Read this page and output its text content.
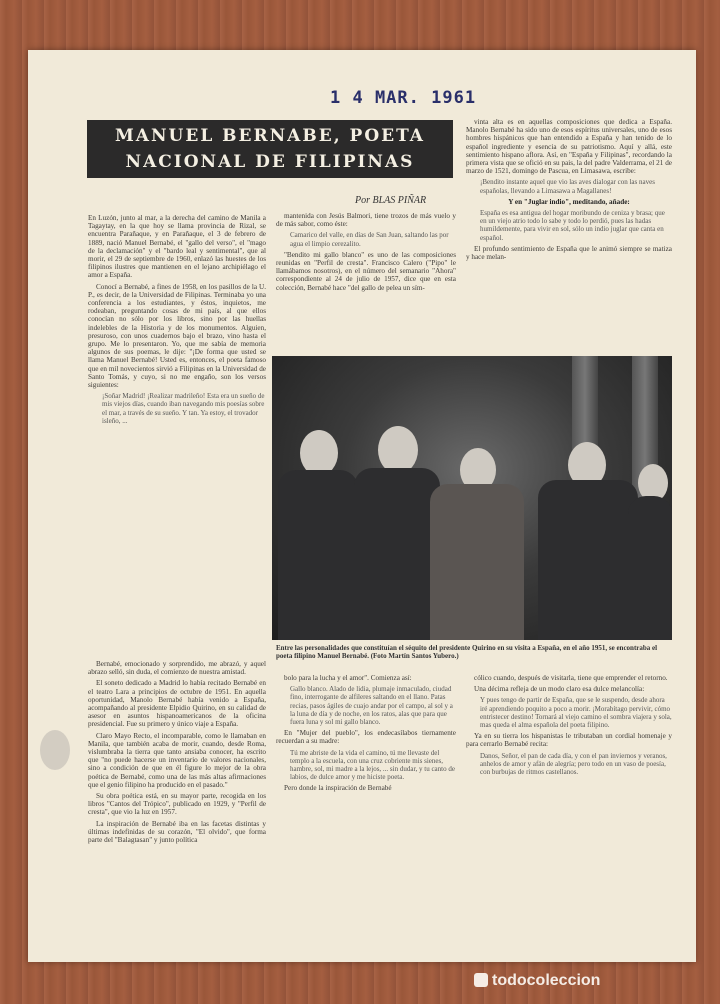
1 4 MAR. 1961
MANUEL BERNABE, POETA
NACIONAL DE FILIPINAS
Por BLAS PIÑAR

En Luzón, junto al mar, a la derecha del camino de Manila a Tagaytay, en la que hoy se llama provincia de Rizal, se encuentra Parañaque, y en Parañaque, el 3 de febrero de 1889, nació Manuel Bernabé, el "gallo del verso", el "mago de la declamación" y el "bardo leal y sentimental", que al morir, el 29 de septiembre de 1960, enlazó las huestes de los filipinos ilustres que mantienen en el lejano archipiélago el amor a España.

Conocí a Bernabé, a fines de 1958, en los pasillos de la U. P., es decir, de la Universidad de Filipinas. Terminaba yo una conferencia a los estudiantes, y éstos, inquietos, me rodeaban, preguntando cosas de mi país, al que ellos conocían no sólo por los libros, sino por las huellas indelebles de la Historia y de los monumentos. Alguien, presuroso, con unos cuadernos bajo el brazo, vino hasta el grupo. Me lo presentaron. Yo, que me sabía de memoria algunos de sus poemas, le dije: "¡De forma que usted se llama Manuel Bernabé! Usted es, entonces, el poeta famoso que en mil novecientos sirvió a Filipinas en la Universidad de Santo Tomás, y cuyo, si no me engaño, son los versos siguientes:

¡Soñar Madrid! ¡Realizar madrileño! Esta era un sueño de mis viejos días, cuando iban navegando mis poesías sobre el mar, a través de su sueño. Y tan. Ya estoy, el trovador isleño, ...

Bernabé, emocionado y sorprendido, me abrazó, y aquel abrazo selló, sin duda, el comienzo de nuestra amistad.

El soneto dedicado a Madrid lo había recitado Bernabé en el teatro Lara a principios de octubre de 1951. En aquella oportunidad, Manolo Bernabé había venido a España, acompañando al presidente Elpidio Quirino, en su calidad de asesor en asuntos hispanoamericanos de la oficina presidencial. Fue su primero y único viaje a España.

Claro Mayo Recto, el incomparable, como le llamaban en Manila, que también acaba de morir, cuando, desde Roma, vislumbraba la tierra que tanto ansiaba conocer, ha escrito que "no puede hacerse un inventario de valores nacionales, sino a condición de que en él figure lo mejor de la obra poética de Bernabé, como una de las más altas afirmaciones que el genio filipino ha producido en el pasado."

Su obra poética está, en su mayor parte, recogida en los libros "Cantos del Trópico", publicado en 1929, y "Perfil de cresta", que vio la luz en 1957.

La inspiración de Bernabé iba en las facetas distintas y últimas indefinidas de su corazón, "El olvido", que forma parte del "Balagtasan" y junto política

mantenida con Jesús Balmori, tiene trozos de más vuelo y de más sabor, como éste:

Camarico del valle, en días de San Juan, saltando las por agua el limpio cerezalito.

"Bendito mi gallo blanco" es uno de las composiciones reunidas en "Perfil de cresta". Francisco Calero ("Pipo" le llamábamos nosotros), en el número del semanario "Ahora" correspondiente al 24 de julio de 1957, dice que en esta colección, Bernabé hace "del gallo de pelea un sím-

vinta alta es en aquellas composiciones que dedica a España. Manolo Bernabé ha sido uno de esos espíritus universales, uno de esos hombres hispánicos que han entendido a España y han tenido de lo español ingrediente y esencia de su patriotismo. Aquí y allá, este sentimiento hispano aflora. Así, en "España y Filipinas", recordando la primera vista que se ofició en su pais, la del padre Valderrama, el 21 de marzo de 1521, domingo de Pascua, en Limasawa, escribe:

¡Bendito instante aquel que vio las aves dialogar con las naves españolas, llevando a Limasawa a Magallanes!

Y en "Juglar indio", meditando, añade:

España es esa antigua del hogar moribundo de ceniza y brasa; que en un viejo atrio todo lo sabe y todo lo perdió, pues las hadas humildemente, para vivir en sol, sólo un indio juglar que canta en español.

El profundo sentimiento de España que le animó siempre se matiza y hace melan-

Entre las personalidades que constituían el séquito del presidente Quirino en su visita a España, en el año 1951, se encontraba el poeta filipino Manuel Bernabé. (Foto Martín Santos Yubero.)

bolo para la lucha y el amor". Comienza así:

Gallo blanco. Alado de lidia, plumaje inmaculado, ciudad fino, interrogante de alfileres saltando en el llano. Patas recias, pasos ágiles de cuajo andar por el campo, al sol y a la luna de día y de noche, en los ratos, alas que para que fuera luna y sol mi gallo blanco.

En "Mujer del pueblo", los endecasílabos tiernamente recuerdan a su madre:

Tú me abriste de la vida el camino, tú me llevaste del templo a la escuela, con una cruz cobriente mis sienes, hambre, sol, mi madre a la lejos, ... sin dudar, y tu canto de labios, de dulce amor y me hiciste poeta.

Pero donde la inspiración de Bernabé

cólico cuando, después de visitarla, tiene que emprender el retorno.

Una décima refleja de un modo claro esa dulce melancolía:

Y pues tengo de partir de España, que se le suspendo, desde ahora iré aprendiendo poquito a poco a morir. ¡Morabítago pervivir, cómo entristecer destino! Tornará al viejo camino el sombra viajera y sola, mas queda el alma española del poeta filipino.

Ya en su tierra los hispanistas le tributaban un cordial homenaje y para cerrarlo Bernabé recita:

Danos, Señor, el pan de cada día, y con el pan inviernos y veranos, anhelos de amor y afán de alegría; pero todo en un vaso de poesía, con burbujas de ritmos castellanos.

todocoleccion
